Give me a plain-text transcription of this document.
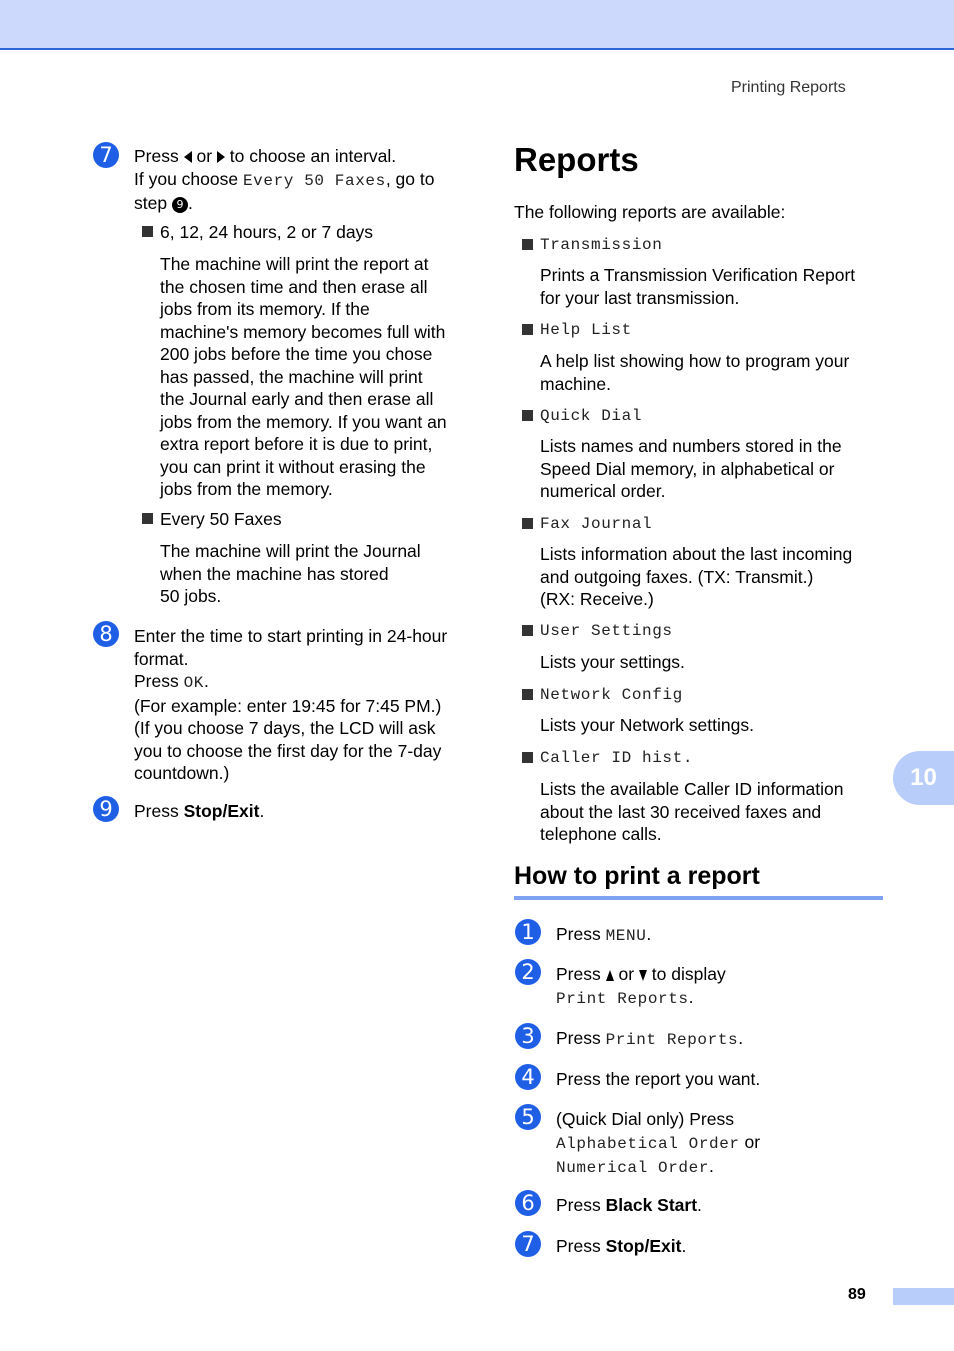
Printing Reports
7	Press or to choose an interval.
If you choose Every 50 Faxes, go to
step 9 .
6, 12, 24 hours, 2 or 7 days
The machine will print the report at
the chosen time and then erase all
jobs from its memory. If the
machine's memory becomes full with
200 jobs before the time you chose
has passed, the machine will print
the Journal early and then erase all
jobs from the memory. If you want an
extra report before it is due to print,
you can print it without erasing the
jobs from the memory.
Every 50 Faxes
The machine will print the Journal
when the machine has stored
50 jobs.
8	Enter the time to start printing in 24-hour
format.
Press OK.
(For example: enter 19:45 for 7:45 PM.)
(If you choose 7 days, the LCD will ask
you to choose the first day for the 7-day
countdown.)
9	Press Stop/Exit.
Reports
The following reports are available:
Transmission
Prints a Transmission Verification Report
for your last transmission.
Help List
A help list showing how to program your
machine.
Quick Dial
Lists names and numbers stored in the
Speed Dial memory, in alphabetical or
numerical order.
Fax Journal
Lists information about the last incoming
and outgoing faxes. (TX: Transmit.)
(RX: Receive.)
User Settings
Lists your settings.
Network Config
Lists your Network settings.
Caller ID hist.
Lists the available Caller ID information
about the last 30 received faxes and
telephone calls.
How to print a report
1	Press MENU.
2	Press or to display
Print Reports.
3	Press Print Reports.
4	Press the report you want.
5	(Quick Dial only) Press
Alphabetical Order or
Numerical Order.
6	Press Black Start.
7	Press Stop/Exit.
10
89
